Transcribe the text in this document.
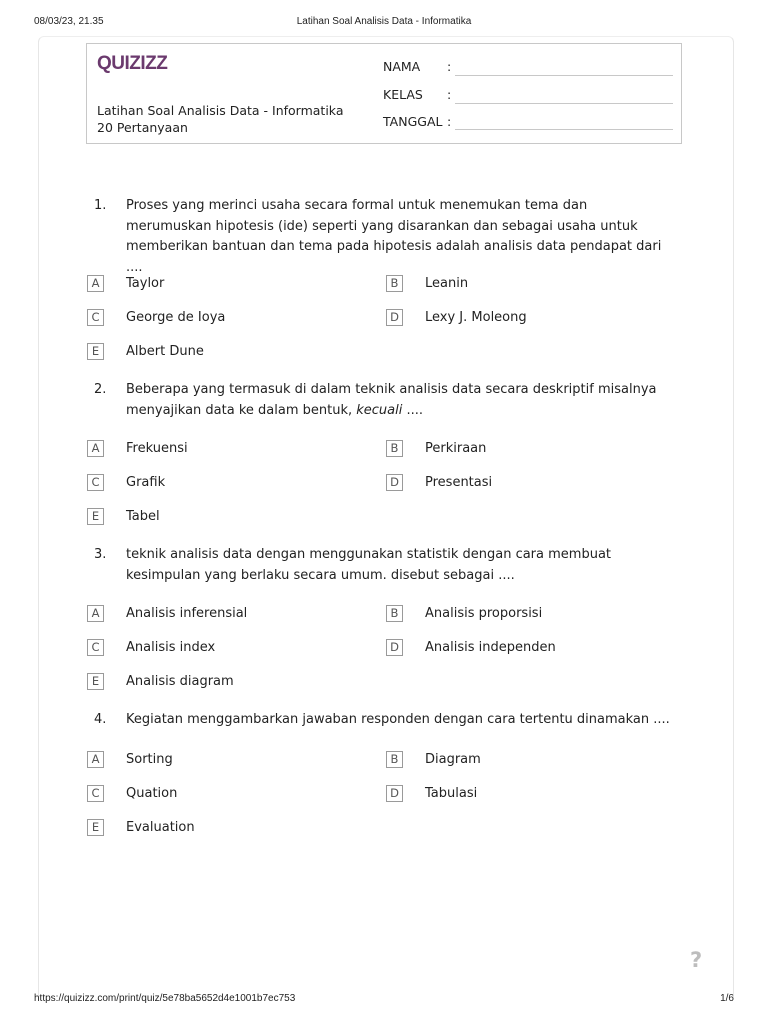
08/03/23, 21.35	Latihan Soal Analisis Data - Informatika
QUIZIZZ
Latihan Soal Analisis Data - Informatika
20 Pertanyaan
NAMA :
KELAS :
TANGGAL :
1. Proses yang merinci usaha secara formal untuk menemukan tema dan merumuskan hipotesis (ide) seperti yang disarankan dan sebagai usaha untuk memberikan bantuan dan tema pada hipotesis adalah analisis data pendapat dari ....
A	Taylor	B	Leanin
C	George de Ioya	D	Lexy J. Moleong
E	Albert Dune
2. Beberapa yang termasuk di dalam teknik analisis data secara deskriptif misalnya menyajikan data ke dalam bentuk, kecuali ....
A	Frekuensi	B	Perkiraan
C	Grafik	D	Presentasi
E	Tabel
3. teknik analisis data dengan menggunakan statistik dengan cara membuat kesimpulan yang berlaku secara umum. disebut sebagai ....
A	Analisis inferensial	B	Analisis proporsisi
C	Analisis index	D	Analisis independen
E	Analisis diagram
4. Kegiatan menggambarkan jawaban responden dengan cara tertentu dinamakan ....
A	Sorting	B	Diagram
C	Quation	D	Tabulasi
E	Evaluation
?
https://quizizz.com/print/quiz/5e78ba5652d4e1001b7ec753	1/6
